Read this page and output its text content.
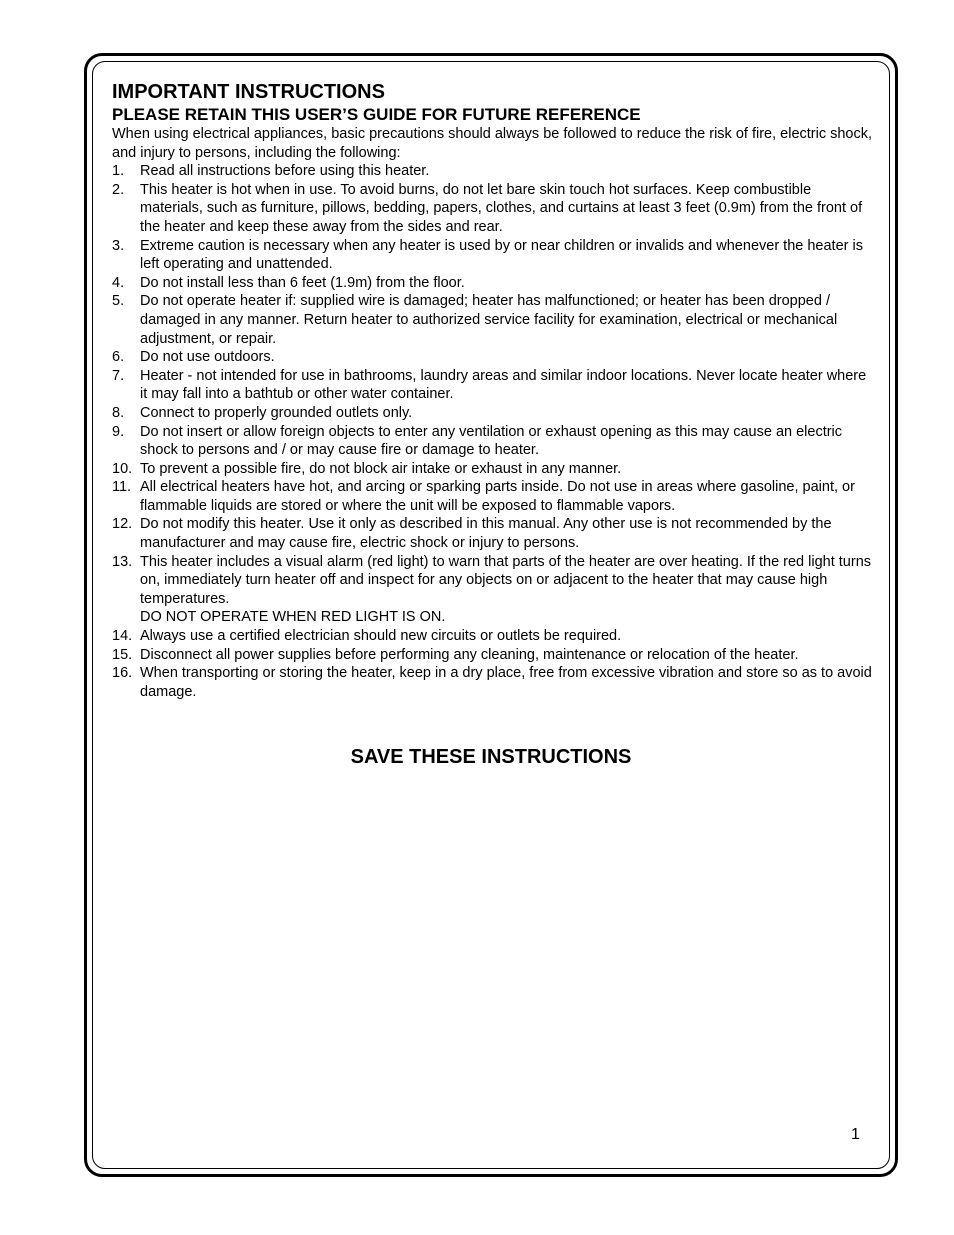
IMPORTANT INSTRUCTIONS
PLEASE RETAIN THIS USER’S GUIDE FOR FUTURE REFERENCE

When using electrical appliances, basic precautions should always be followed to reduce the risk of fire, electric shock, and injury to persons, including the following:

1.	Read all instructions before using this heater.
2.	This heater is hot when in use. To avoid burns, do not let bare skin touch hot surfaces. Keep combustible materials, such as furniture, pillows, bedding, papers, clothes, and curtains at least 3 feet (0.9m) from the front of the heater and keep these away from the sides and rear.
3.	Extreme caution is necessary when any heater is used by or near children or invalids and whenever the heater is left operating and unattended.
4.	Do not install less than 6 feet (1.9m) from the floor.
5.	Do not operate heater if: supplied wire is damaged; heater has malfunctioned; or heater has been dropped / damaged in any manner. Return heater to authorized service facility for examination, electrical or mechanical adjustment, or repair.
6.	Do not use outdoors.
7.	Heater - not intended for use in bathrooms, laundry areas and similar indoor locations. Never locate heater where it may fall into a bathtub or other water container.
8.	Connect to properly grounded outlets only.
9.	Do not insert or allow foreign objects to enter any ventilation or exhaust opening as this may cause an electric shock to persons and / or may cause fire or damage to heater.
10. To prevent a possible fire, do not block air intake or exhaust in any manner.
11. All electrical heaters have hot, and arcing or sparking parts inside. Do not use in areas where gasoline, paint, or flammable liquids are stored or where the unit will be exposed to flammable vapors.
12. Do not modify this heater. Use it only as described in this manual. Any other use is not recommended by the manufacturer and may cause fire, electric shock or injury to persons.
13. This heater includes a visual alarm (red light) to warn that parts of the heater are over heating. If the red light turns on, immediately turn heater off and inspect for any objects on or adjacent to the heater that may cause high temperatures.
DO NOT OPERATE WHEN RED LIGHT IS ON.
14. Always use a certified electrician should new circuits or outlets be required.
15. Disconnect all power supplies before performing any cleaning, maintenance or relocation of the heater.
16. When transporting or storing the heater, keep in a dry place, free from excessive vibration and store so as to avoid damage.
SAVE THESE INSTRUCTIONS
1
